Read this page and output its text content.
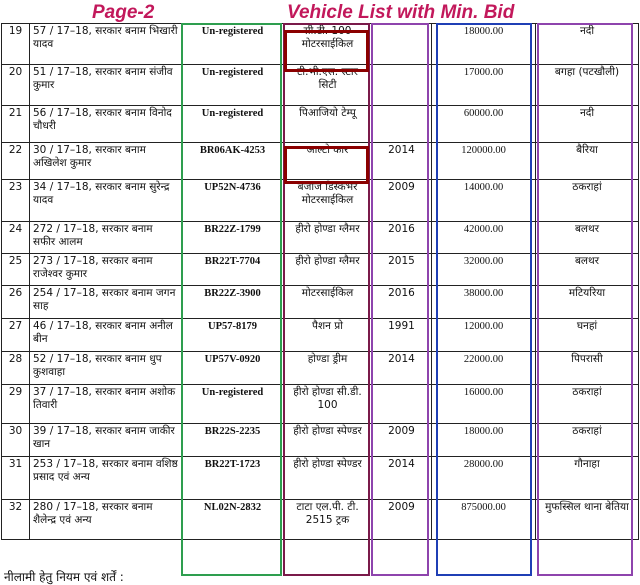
Page-2	Vehicle List with Min. Bid
19	57 / 17–18, सरकार बनाम भिखारी यादव	Un-registered	सी.टी. 100 मोटरसाईकिल		18000.00	नदी
20	51 / 17–18, सरकार बनाम संजीव कुमार	Un-registered	टी.भी.एस. स्टार सिटी		17000.00	बगहा (पटखौली)
21	56 / 17–18, सरकार बनाम विनोद चौधरी	Un-registered	पिआजियो टेम्पू		60000.00	नदी
22	30 / 17–18, सरकार बनाम अखिलेश कुमार	BR06AK-4253	आल्टो कार	2014	120000.00	बैरिया
23	34 / 17–18, सरकार बनाम सुरेन्द्र यादव	UP52N-4736	बजाज डिस्कभर मोटरसाईकिल	2009	14000.00	ठकराहां
24	272 / 17–18, सरकार बनाम सफीर आलम	BR22Z-1799	हीरो होण्डा ग्लैमर	2016	42000.00	बलथर
25	273 / 17–18, सरकार बनाम राजेश्वर कुमार	BR22T-7704	हीरो होण्डा ग्लैमर	2015	32000.00	बलथर
26	254 / 17–18, सरकार बनाम जगन साह	BR22Z-3900	मोटरसाईकिल	2016	38000.00	मटियरिया
27	46 / 17–18, सरकार बनाम अनील बीन	UP57-8179	पैशन प्रो	1991	12000.00	घनहां
28	52 / 17–18, सरकार बनाम धुप कुशवाहा	UP57V-0920	होण्डा ड्रीम	2014	22000.00	पिपरासी
29	37 / 17–18, सरकार बनाम अशोक तिवारी	Un-registered	हीरो होण्डा सी.डी. 100		16000.00	ठकराहां
30	39 / 17–18, सरकार बनाम जाकीर खान	BR22S-2235	हीरो होण्डा स्पेण्डर	2009	18000.00	ठकराहां
31	253 / 17–18, सरकार बनाम वशिष्ठ प्रसाद एवं अन्य	BR22T-1723	हीरो होण्डा स्पेण्डर	2014	28000.00	गौनाहा
32	280 / 17–18, सरकार बनाम शैलेन्द्र एवं अन्य	NL02N-2832	टाटा एल.पी. टी. 2515 ट्रक	2009	875000.00	मुफस्सिल थाना बेतिया
नीलामी हेतु नियम एवं शर्तें :
